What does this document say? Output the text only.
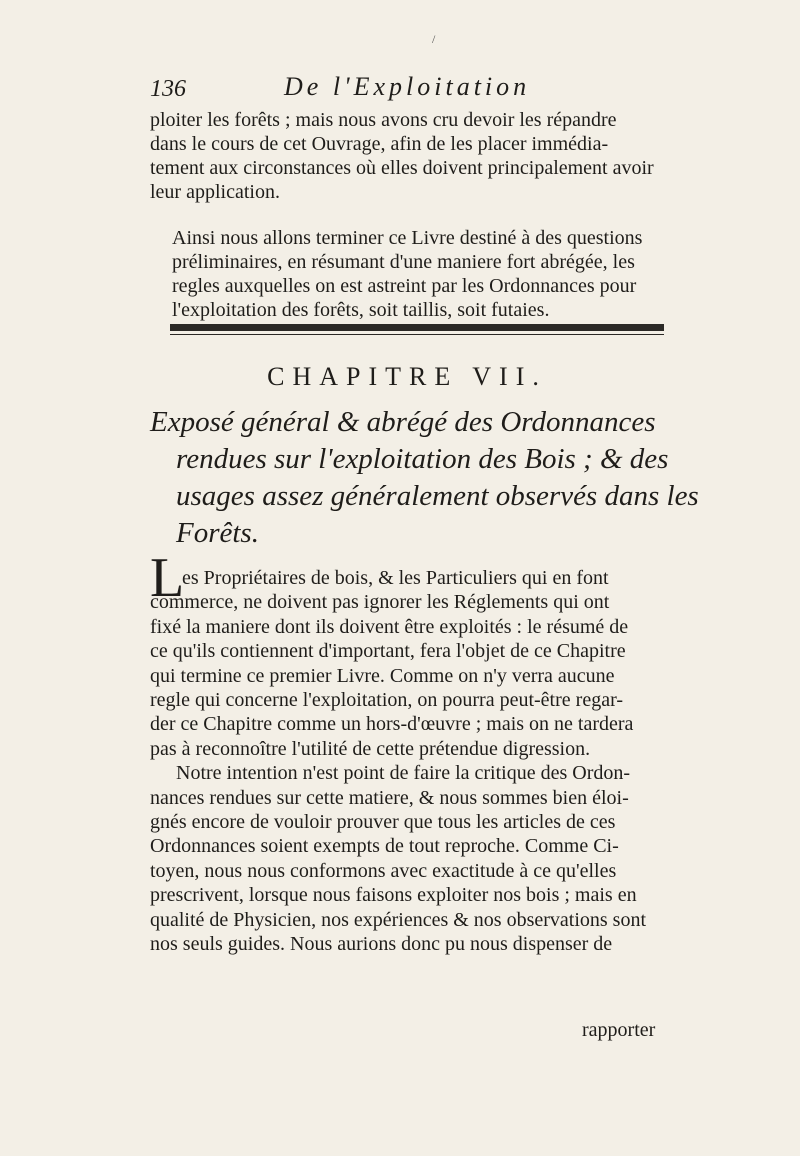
/
136	De l'Exploitation
ploiter les forêts ; mais nous avons cru devoir les répandre
dans le cours de cet Ouvrage, afin de les placer immédia-
tement aux circonstances où elles doivent principalement avoir
leur application.
Ainsi nous allons terminer ce Livre destiné à des questions
préliminaires, en résumant d'une maniere fort abrégée, les
regles auxquelles on est astreint par les Ordonnances pour
l'exploitation des forêts, soit taillis, soit futaies.
CHAPITRE VII.
Exposé général & abrégé des Ordonnances
rendues sur l'exploitation des Bois ; & des
usages assez généralement observés dans les
Forêts.
L
es Propriétaires de bois, & les Particuliers qui en font
commerce, ne doivent pas ignorer les Réglements qui ont
fixé la maniere dont ils doivent être exploités : le résumé de
ce qu'ils contiennent d'important, fera l'objet de ce Chapitre
qui termine ce premier Livre. Comme on n'y verra aucune
regle qui concerne l'exploitation, on pourra peut-être regar-
der ce Chapitre comme un hors-d'œuvre ; mais on ne tardera
pas à reconnoître l'utilité de cette prétendue digression.
Notre intention n'est point de faire la critique des Ordon-
nances rendues sur cette matiere, & nous sommes bien éloi-
gnés encore de vouloir prouver que tous les articles de ces
Ordonnances soient exempts de tout reproche. Comme Ci-
toyen, nous nous conformons avec exactitude à ce qu'elles
prescrivent, lorsque nous faisons exploiter nos bois ; mais en
qualité de Physicien, nos expériences & nos observations sont
nos seuls guides. Nous aurions donc pu nous dispenser de
rapporter
